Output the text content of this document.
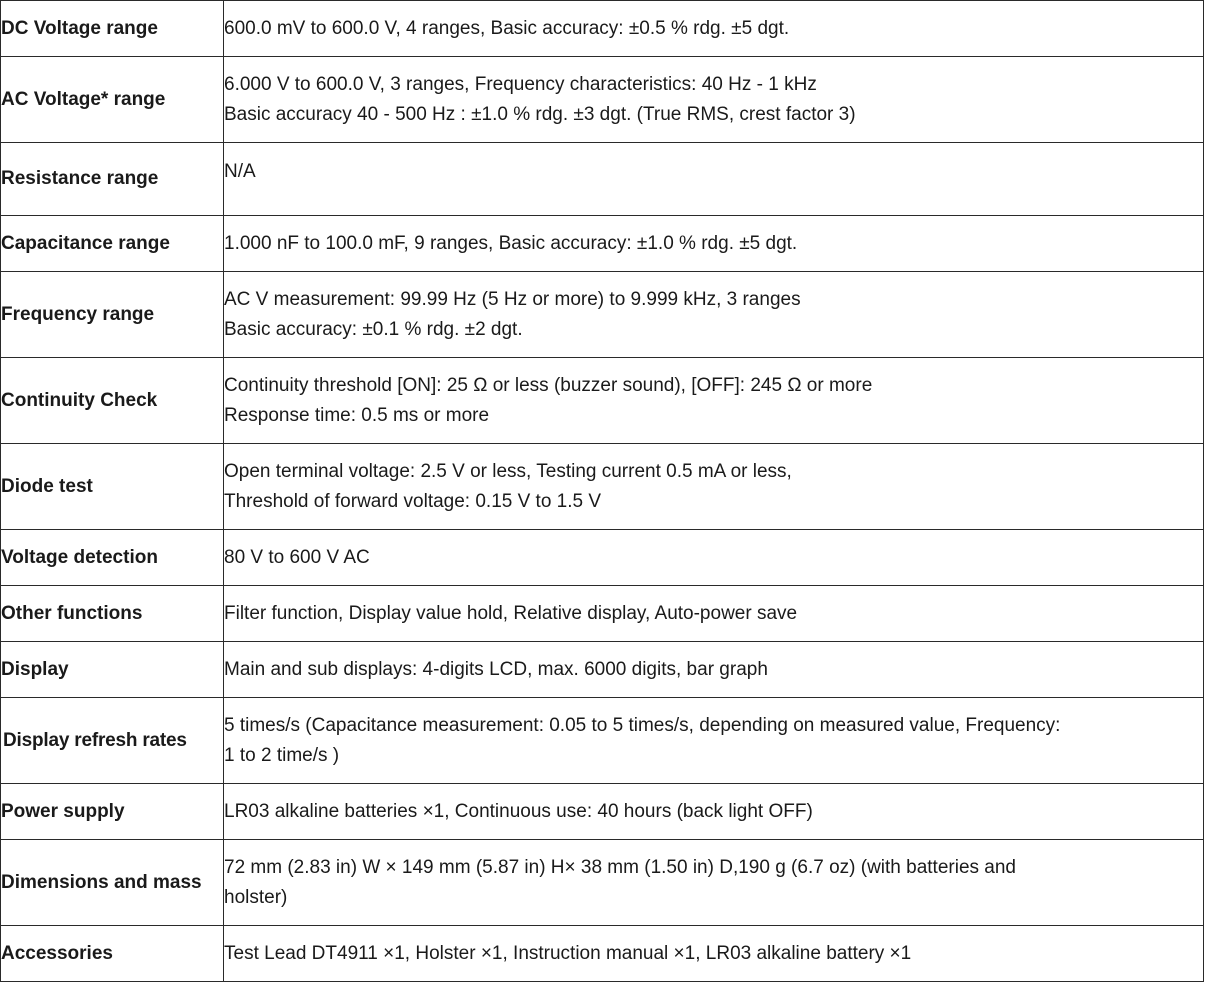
DC Voltage range	600.0 mV to 600.0 V, 4 ranges, Basic accuracy: ±0.5 % rdg. ±5 dgt.

AC Voltage* range	6.000 V to 600.0 V, 3 ranges, Frequency characteristics: 40 Hz - 1 kHz
Basic accuracy 40 - 500 Hz : ±1.0 % rdg. ±3 dgt. (True RMS, crest factor 3)

Resistance range	N/A

Capacitance range	1.000 nF to 100.0 mF, 9 ranges, Basic accuracy: ±1.0 % rdg. ±5 dgt.

Frequency range	AC V measurement: 99.99 Hz (5 Hz or more) to 9.999 kHz, 3 ranges
Basic accuracy: ±0.1 % rdg. ±2 dgt.

Continuity Check	Continuity threshold [ON]: 25 Ω or less (buzzer sound), [OFF]: 245 Ω or more
Response time: 0.5 ms or more

Diode test	Open terminal voltage: 2.5 V or less, Testing current 0.5 mA or less,
Threshold of forward voltage: 0.15 V to 1.5 V

Voltage detection	80 V to 600 V AC

Other functions	Filter function, Display value hold, Relative display, Auto-power save

Display	Main and sub displays: 4-digits LCD, max. 6000 digits, bar graph

Display refresh rates	5 times/s (Capacitance measurement: 0.05 to 5 times/s, depending on measured value, Frequency:
1 to 2 time/s )

Power supply	LR03 alkaline batteries ×1, Continuous use: 40 hours (back light OFF)

Dimensions and mass	72 mm (2.83 in) W × 149 mm (5.87 in) H× 38 mm (1.50 in) D,190 g (6.7 oz) (with batteries and
holster)

Accessories	Test Lead DT4911 ×1, Holster ×1, Instruction manual ×1, LR03 alkaline battery ×1
